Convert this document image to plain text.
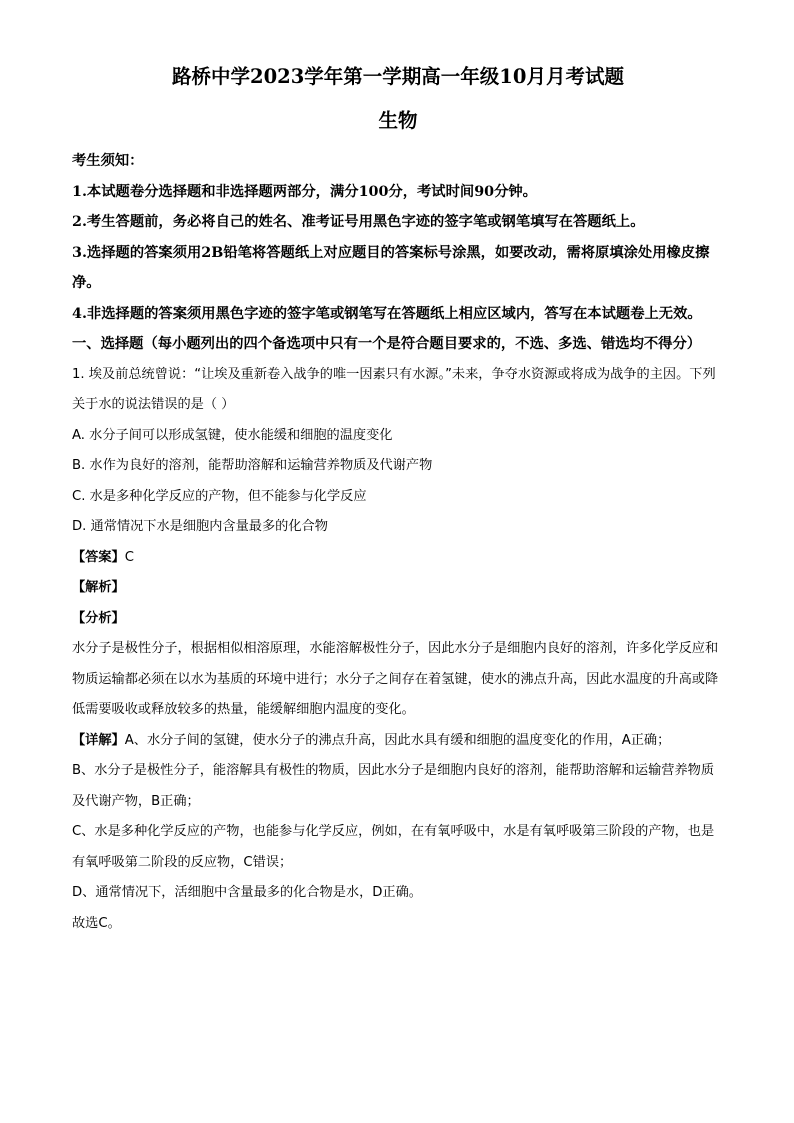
路桥中学2023学年第一学期高一年级10月月考试题
生物

考生须知：

1.本试题卷分选择题和非选择题两部分，满分100分，考试时间90分钟。

2.考生答题前，务必将自己的姓名、准考证号用黑色字迹的签字笔或钢笔填写在答题纸上。

3.选择题的答案须用2B铅笔将答题纸上对应题目的答案标号涂黑，如要改动，需将原填涂处用橡皮擦净。

4.非选择题的答案须用黑色字迹的签字笔或钢笔写在答题纸上相应区域内，答写在本试题卷上无效。

一、选择题（每小题列出的四个备选项中只有一个是符合题目要求的，不选、多选、错选均不得分）

1. 埃及前总统曾说：“让埃及重新卷入战争的唯一因素只有水源。”未来，争夺水资源或将成为战争的主因。下列关于水的说法错误的是（ ）

A. 水分子间可以形成氢键，使水能缓和细胞的温度变化

B. 水作为良好的溶剂，能帮助溶解和运输营养物质及代谢产物

C. 水是多种化学反应的产物，但不能参与化学反应

D. 通常情况下水是细胞内含量最多的化合物

【答案】C

【解析】

【分析】

水分子是极性分子，根据相似相溶原理，水能溶解极性分子，因此水分子是细胞内良好的溶剂，许多化学反应和物质运输都必须在以水为基质的环境中进行；水分子之间存在着氢键，使水的沸点升高，因此水温度的升高或降低需要吸收或释放较多的热量，能缓解细胞内温度的变化。

【详解】A、水分子间的氢键，使水分子的沸点升高，因此水具有缓和细胞的温度变化的作用，A正确；

B、水分子是极性分子，能溶解具有极性的物质，因此水分子是细胞内良好的溶剂，能帮助溶解和运输营养物质及代谢产物，B正确；

C、水是多种化学反应的产物，也能参与化学反应，例如，在有氧呼吸中，水是有氧呼吸第三阶段的产物，也是有氧呼吸第二阶段的反应物，C错误；

D、通常情况下，活细胞中含量最多的化合物是水，D正确。

故选C。
